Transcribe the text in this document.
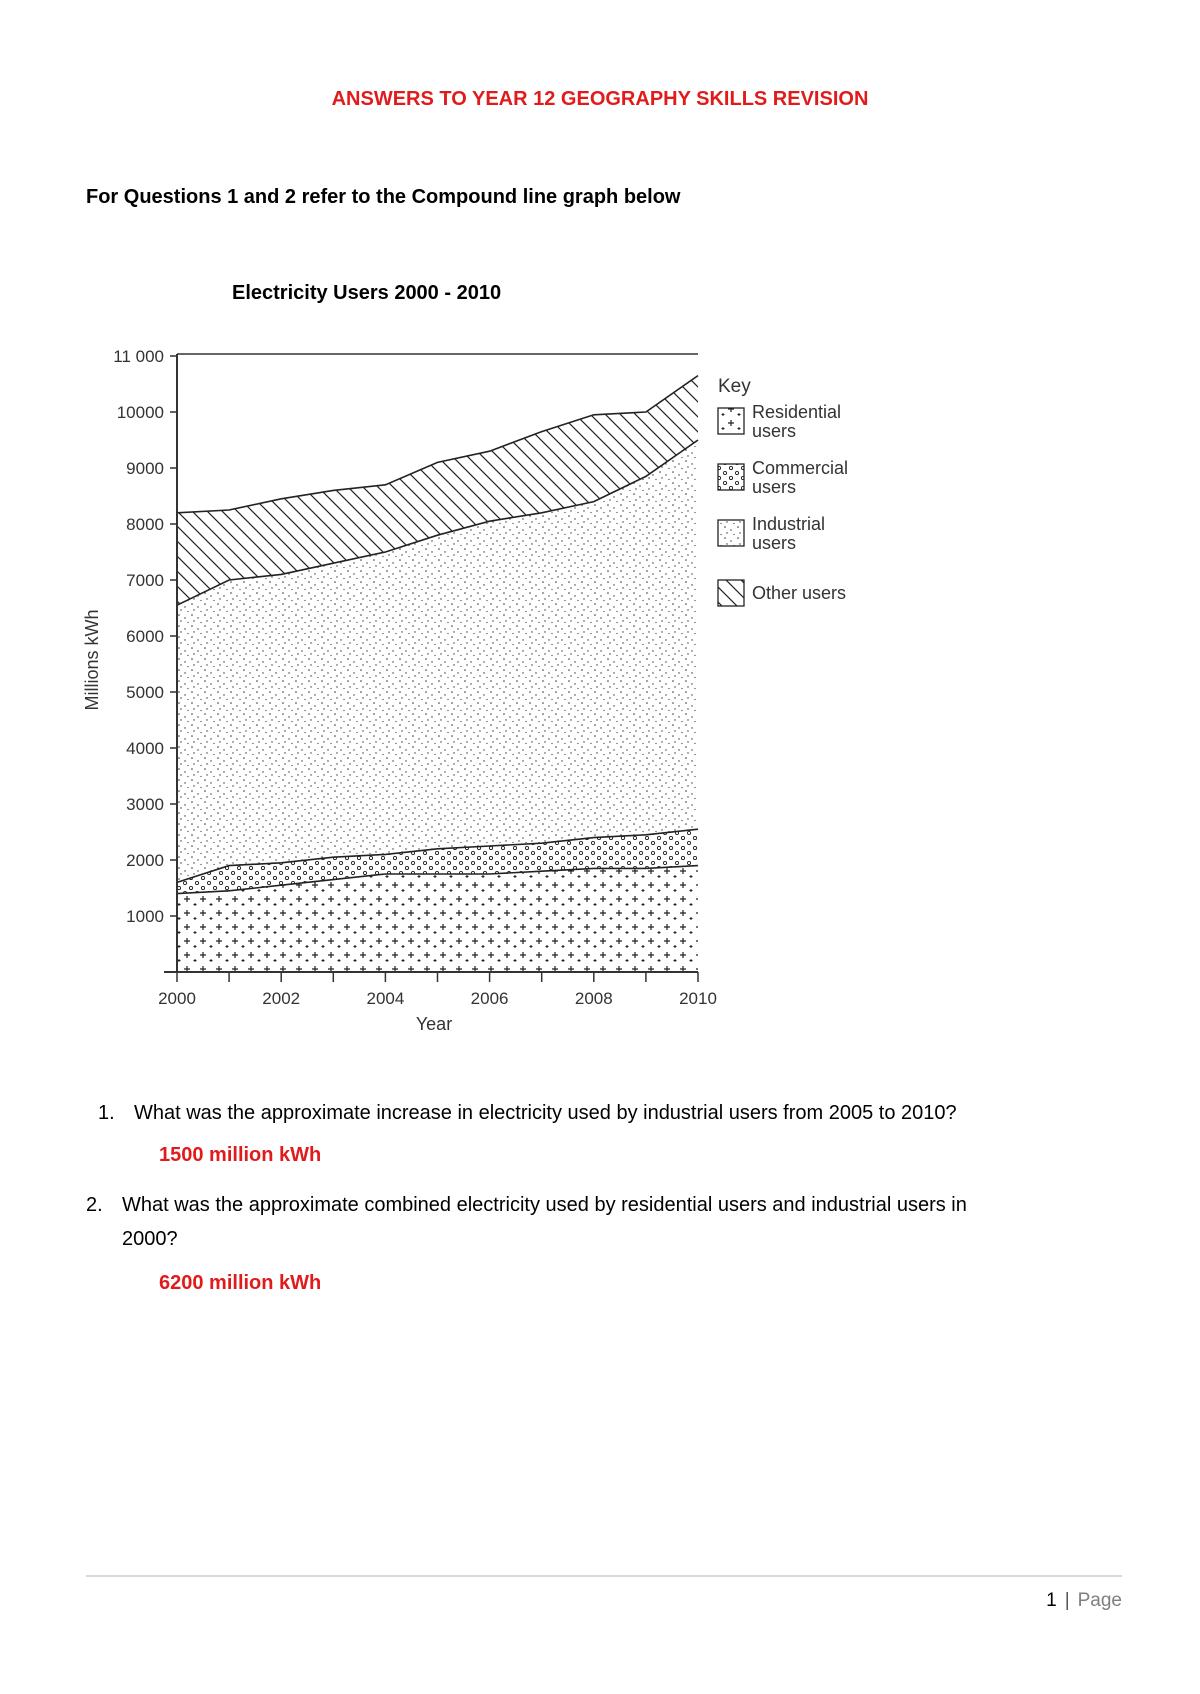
ANSWERS TO YEAR 12 GEOGRAPHY SKILLS REVISION
For Questions 1 and 2 refer to the Compound line graph below
Electricity Users 2000 - 2010
1000
2000
3000
4000
5000
6000
7000
8000
9000
10000
11 000
2000	2002	2004	2006	2008	2010
Year
Millions kWh
Key
Residential users
Commercial users
Industrial users
Other users
1. What was the approximate increase in electricity used by industrial users from 2005 to 2010?
1500 million kWh
2. What was the approximate combined electricity used by residential users and industrial users in
2000?
6200 million kWh
1 | Page
